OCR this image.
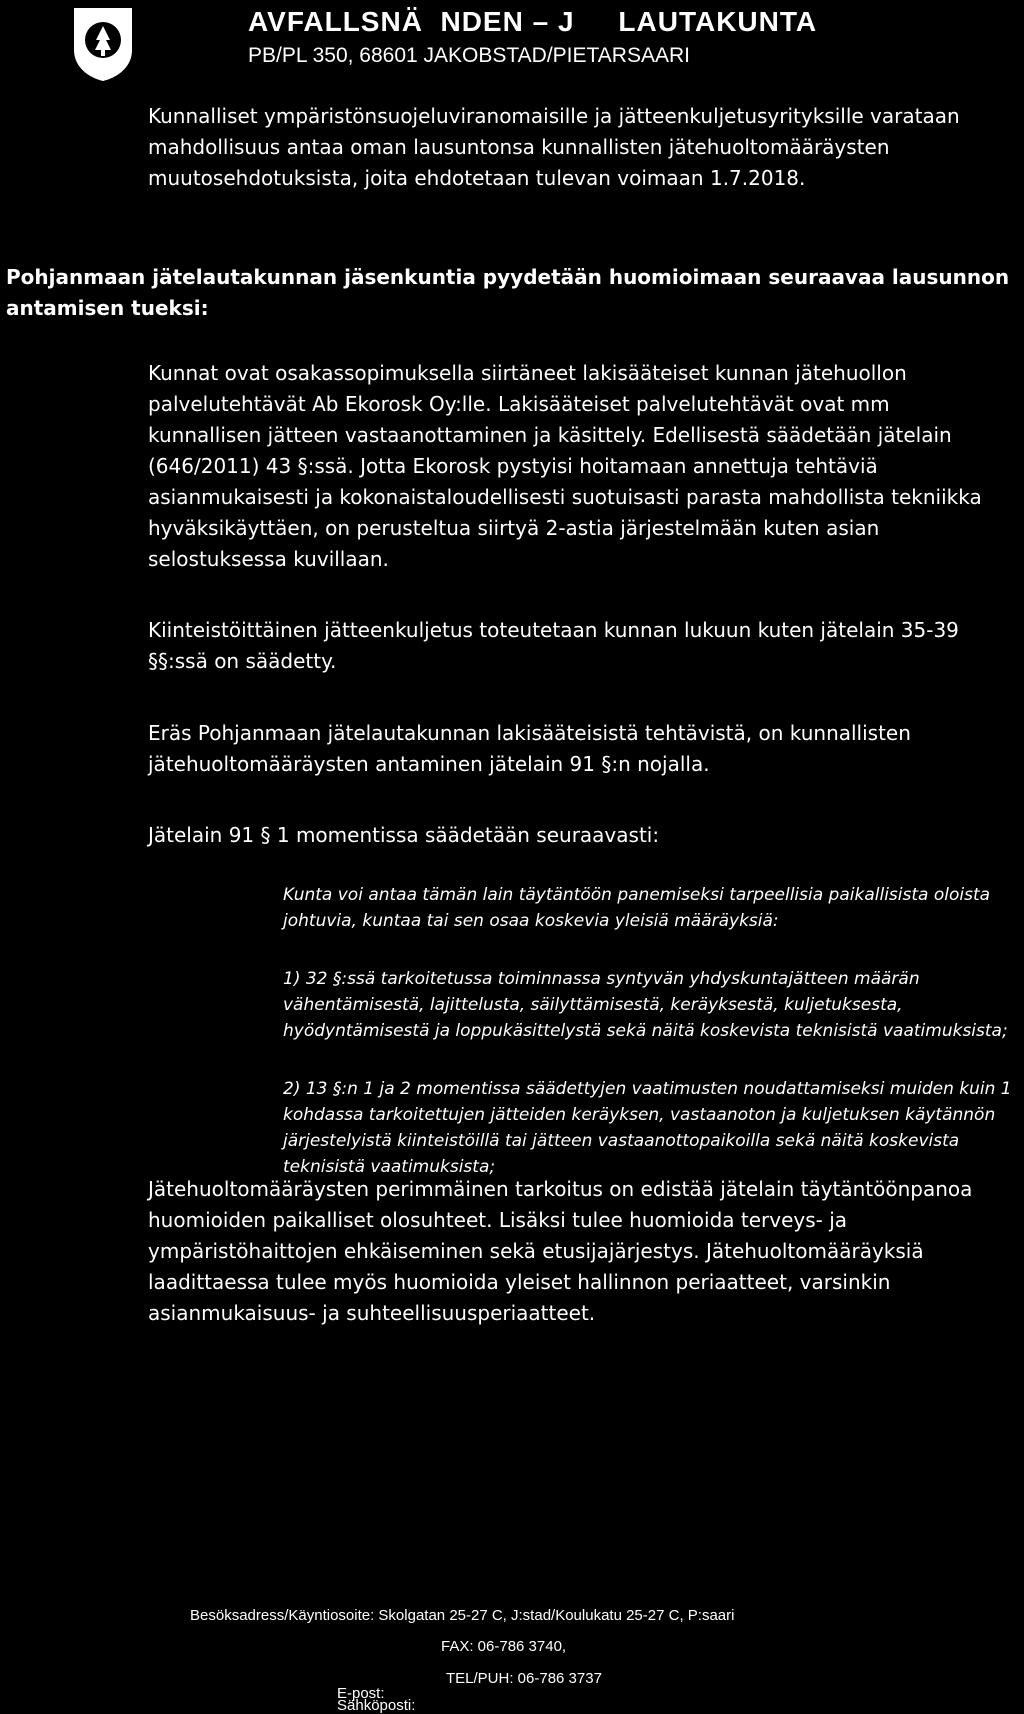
AVFALLSNÄ  NDEN – J     LAUTAKUNTA

PB/PL 350, 68601 JAKOBSTAD/PIETARSAARI

Kunnalliset ympäristönsuojeluviranomaisille ja jätteenkuljetusyrityksille varataan mahdollisuus antaa oman lausuntonsa kunnallisten jätehuoltomääräysten muutosehdotuksista, joita ehdotetaan tulevan voimaan 1.7.2018.

Pohjanmaan jätelautakunnan jäsenkuntia pyydetään huomioimaan seuraavaa lausunnon antamisen tueksi:

Kunnat ovat osakassopimuksella siirtäneet lakisääteiset kunnan jätehuollon palvelutehtävät Ab Ekorosk Oy:lle. Lakisääteiset palvelutehtävät ovat mm kunnallisen jätteen vastaanottaminen ja käsittely. Edellisestä säädetään jätelain (646/2011) 43 §:ssä. Jotta Ekorosk pystyisi hoitamaan annettuja tehtäviä asianmukaisesti ja kokonaistaloudellisesti suotuisasti parasta mahdollista tekniikka hyväksikäyttäen, on perusteltua siirtyä 2-astia järjestelmään kuten asian selostuksessa kuvillaan.

Kiinteistöittäinen jätteenkuljetus toteutetaan kunnan lukuun kuten jätelain 35-39 §§:ssä on säädetty.

Eräs Pohjanmaan jätelautakunnan lakisääteisistä tehtävistä, on kunnallisten jätehuoltomääräysten antaminen jätelain 91 §:n nojalla.

Jätelain 91 § 1 momentissa säädetään seuraavasti:

Kunta voi antaa tämän lain täytäntöön panemiseksi tarpeellisia paikallisista oloista johtuvia, kuntaa tai sen osaa koskevia yleisiä määräyksiä:

1) 32 §:ssä tarkoitetussa toiminnassa syntyvän yhdyskuntajätteen määrän vähentämisestä, lajittelusta, säilyttämisestä, keräyksestä, kuljetuksesta, hyödyntämisestä ja loppukäsittelystä sekä näitä koskevista teknisistä vaatimuksista;

2) 13 §:n 1 ja 2 momentissa säädettyjen vaatimusten noudattamiseksi muiden kuin 1 kohdassa tarkoitettujen jätteiden keräyksen, vastaanoton ja kuljetuksen käytännön järjestelyistä kiinteistöillä tai jätteen vastaanottopaikoilla sekä näitä koskevista teknisistä vaatimuksista;

Jätehuoltomääräysten perimmäinen tarkoitus on edistää jätelain täytäntöönpanoa huomioiden paikalliset olosuhteet. Lisäksi tulee huomioida terveys- ja ympäristöhaittojen ehkäiseminen sekä etusijajärjestys. Jätehuoltomääräyksiä laadittaessa tulee myös huomioida yleiset hallinnon periaatteet, varsinkin asianmukaisuus- ja suhteellisuusperiaatteet.

Besöksadress/Käyntiosoite: Skolgatan 25-27 C, J:stad/Koulukatu 25-27 C, P:saari

FAX: 06-786 3740,

TEL/PUH: 06-786 3737

E-post:

Sähköposti:
